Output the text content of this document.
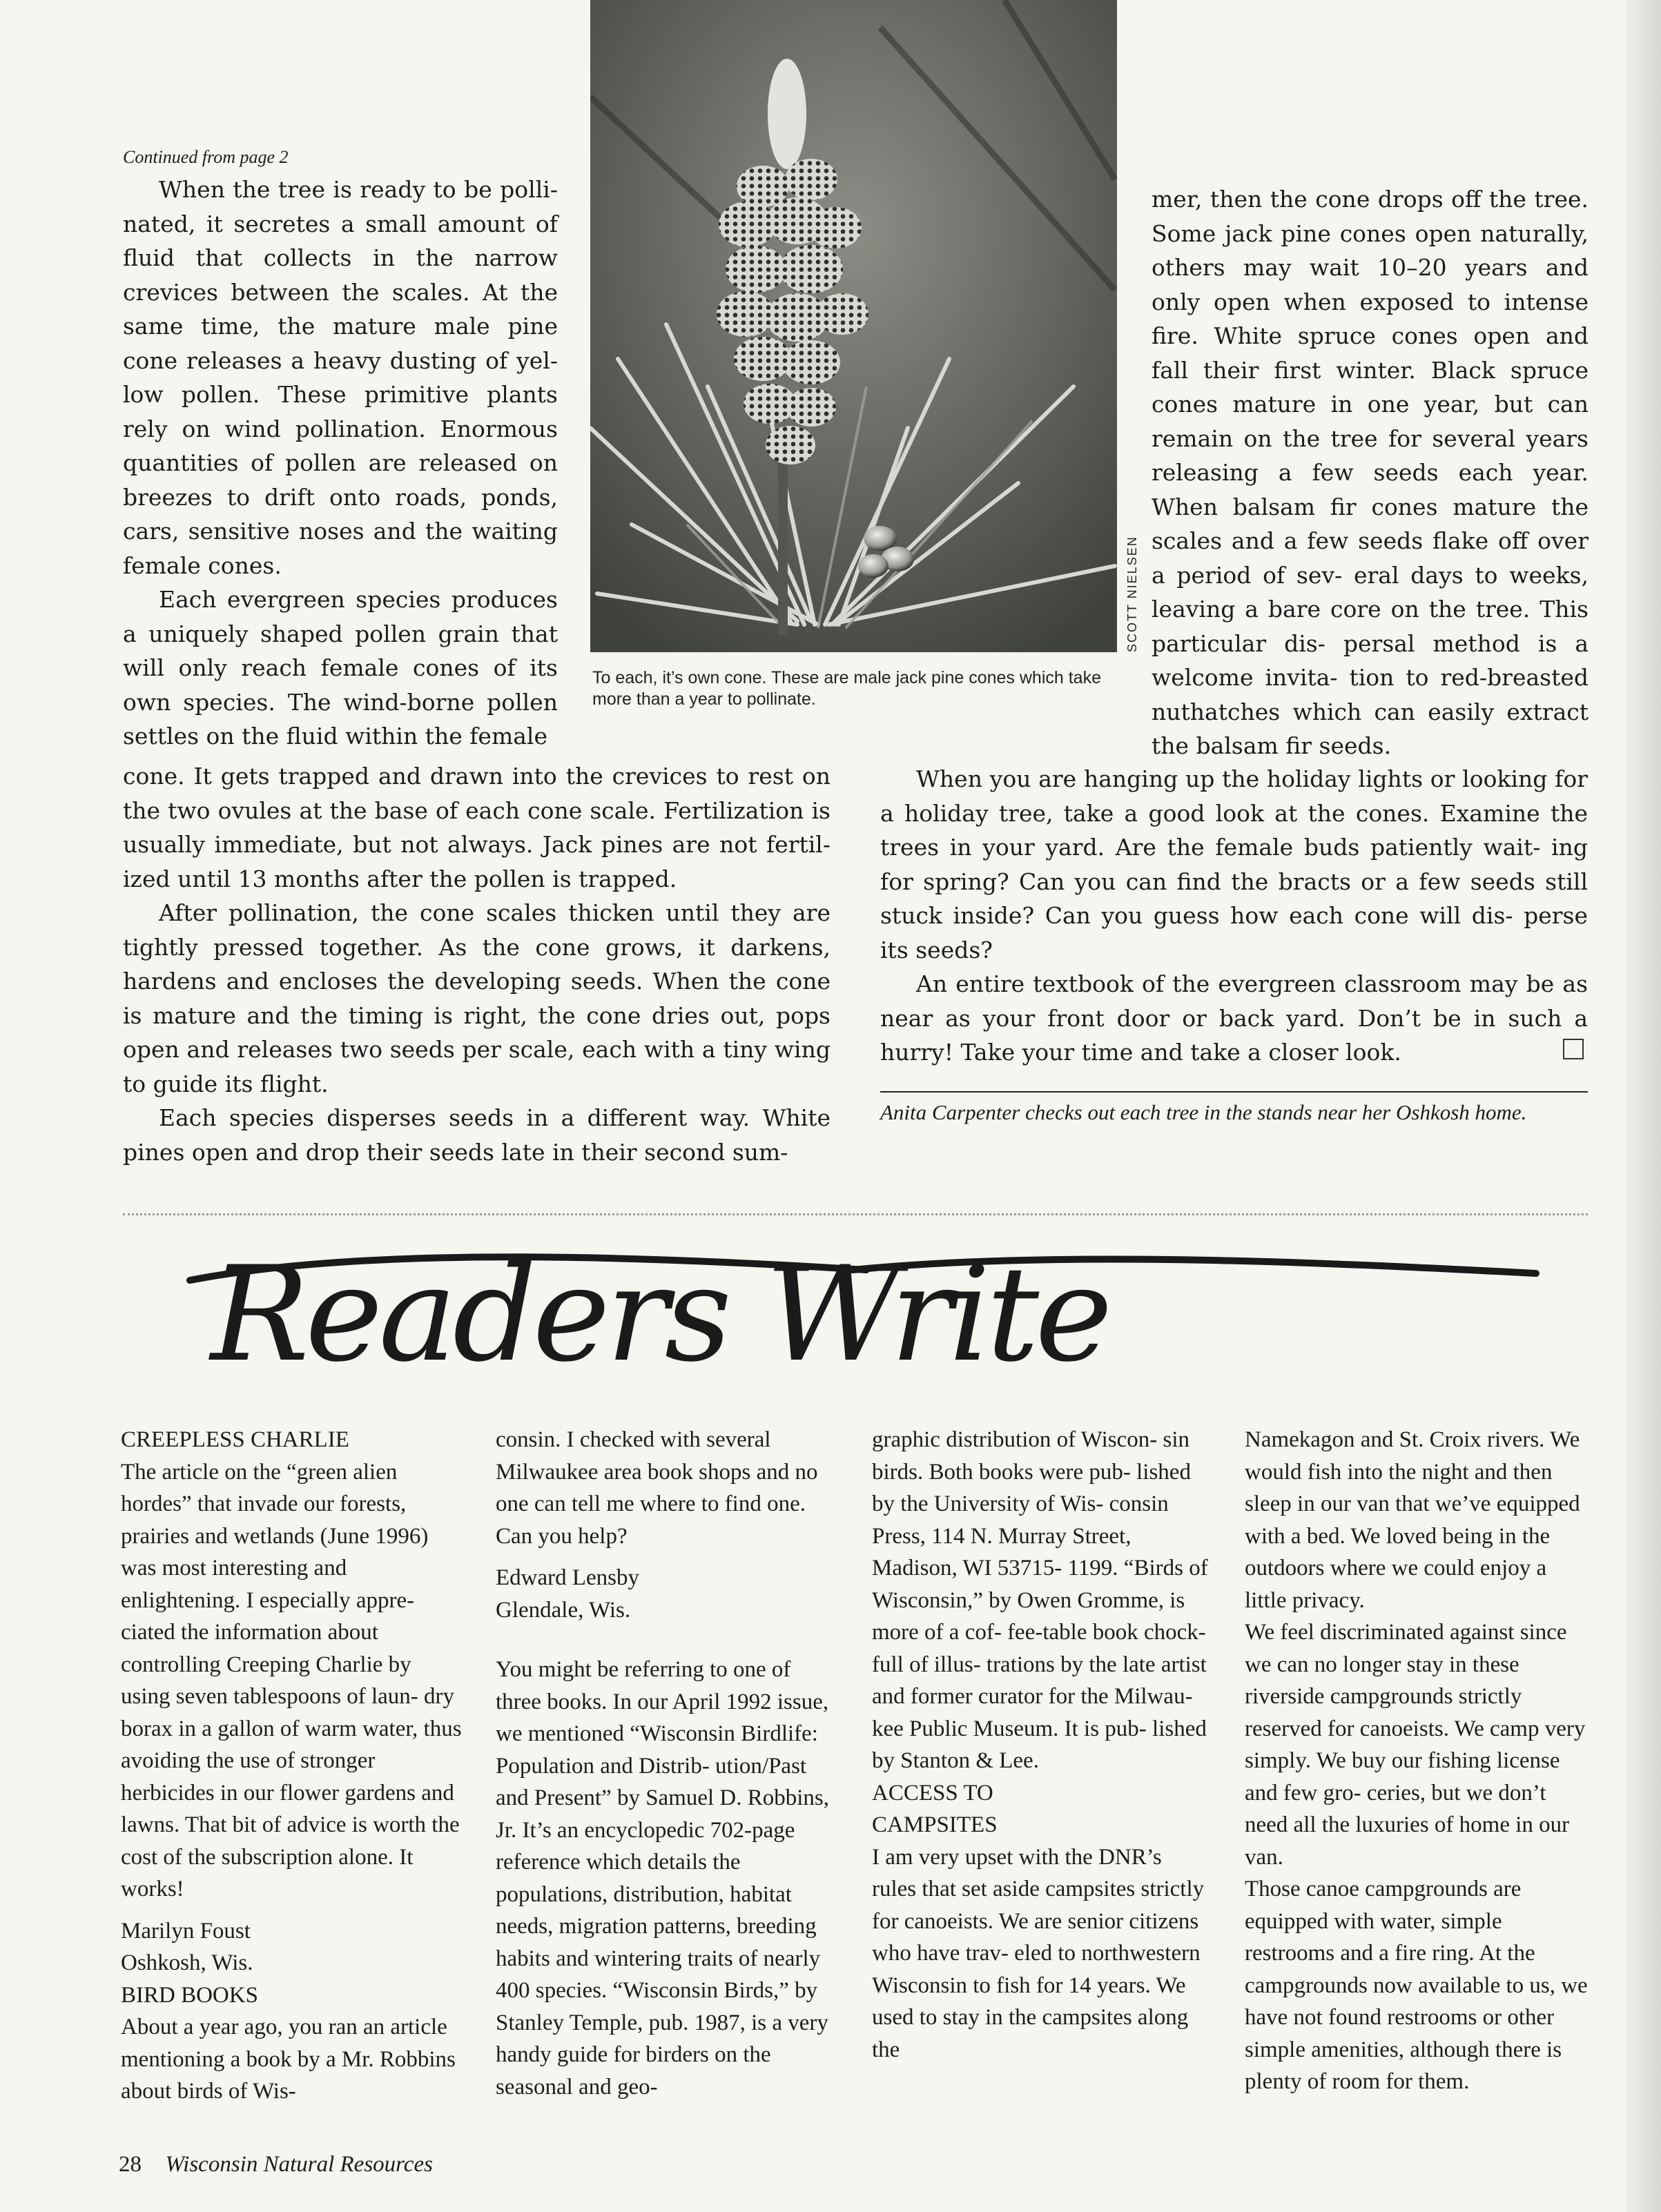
Continued from page 2

When the tree is ready to be polli- nated, it secretes a small amount of fluid that collects in the narrow crevices between the scales. At the same time, the mature male pine cone releases a heavy dusting of yel- low pollen. These primitive plants rely on wind pollination. Enormous quantities of pollen are released on breezes to drift onto roads, ponds, cars, sensitive noses and the waiting female cones.

Each evergreen species produces a uniquely shaped pollen grain that will only reach female cones of its own species. The wind-borne pollen settles on the fluid within the female

cone. It gets trapped and drawn into the crevices to rest on the two ovules at the base of each cone scale. Fertilization is usually immediate, but not always. Jack pines are not fertil- ized until 13 months after the pollen is trapped.

After pollination, the cone scales thicken until they are tightly pressed together. As the cone grows, it darkens, hardens and encloses the developing seeds. When the cone is mature and the timing is right, the cone dries out, pops open and releases two seeds per scale, each with a tiny wing to guide its flight.

Each species disperses seeds in a different way. White pines open and drop their seeds late in their second sum-

SCOTT NIELSEN
To each, it’s own cone. These are male jack pine cones which take more than a year to pollinate.

mer, then the cone drops off the tree. Some jack pine cones open naturally, others may wait 10–20 years and only open when exposed to intense fire. White spruce cones open and fall their first winter. Black spruce cones mature in one year, but can remain on the tree for several years releasing a few seeds each year. When balsam fir cones mature the scales and a few seeds flake off over a period of sev- eral days to weeks, leaving a bare core on the tree. This particular dis- persal method is a welcome invita- tion to red-breasted nuthatches which can easily extract the balsam fir seeds.

When you are hanging up the holiday lights or looking for a holiday tree, take a good look at the cones. Examine the trees in your yard. Are the female buds patiently wait- ing for spring? Can you can find the bracts or a few seeds still stuck inside? Can you guess how each cone will dis- perse its seeds?

An entire textbook of the evergreen classroom may be as near as your front door or back yard. Don’t be in such a hurry! Take your time and take a closer look.

Anita Carpenter checks out each tree in the stands near her Oshkosh home.
Readers Write
CREEPLESS CHARLIE
The article on the “green alien hordes” that invade our forests, prairies and wetlands (June 1996) was most interesting and enlightening. I especially appre- ciated the information about controlling Creeping Charlie by using seven tablespoons of laun- dry borax in a gallon of warm water, thus avoiding the use of stronger herbicides in our flower gardens and lawns. That bit of advice is worth the cost of the subscription alone. It works!
Marilyn Foust
Oshkosh, Wis.
BIRD BOOKS
About a year ago, you ran an article mentioning a book by a Mr. Robbins about birds of Wis-
consin. I checked with several Milwaukee area book shops and no one can tell me where to find one. Can you help?
Edward Lensby
Glendale, Wis.
You might be referring to one of three books. In our April 1992 issue, we mentioned “Wisconsin Birdlife: Population and Distrib- ution/Past and Present” by Samuel D. Robbins, Jr. It’s an encyclopedic 702-page reference which details the populations, distribution, habitat needs, migration patterns, breeding habits and wintering traits of nearly 400 species. “Wisconsin Birds,” by Stanley Temple, pub. 1987, is a very handy guide for birders on the seasonal and geo-
graphic distribution of Wiscon- sin birds. Both books were pub- lished by the University of Wis- consin Press, 114 N. Murray Street, Madison, WI 53715- 1199. “Birds of Wisconsin,” by Owen Gromme, is more of a cof- fee-table book chock-full of illus- trations by the late artist and former curator for the Milwau- kee Public Museum. It is pub- lished by Stanton & Lee.
ACCESS TO CAMPSITES
I am very upset with the DNR’s rules that set aside campsites strictly for canoeists. We are senior citizens who have trav- eled to northwestern Wisconsin to fish for 14 years. We used to stay in the campsites along the
Namekagon and St. Croix rivers. We would fish into the night and then sleep in our van that we’ve equipped with a bed. We loved being in the outdoors where we could enjoy a little privacy.
We feel discriminated against since we can no longer stay in these riverside campgrounds strictly reserved for canoeists. We camp very simply. We buy our fishing license and few gro- ceries, but we don’t need all the luxuries of home in our van.
Those canoe campgrounds are equipped with water, simple restrooms and a fire ring. At the campgrounds now available to us, we have not found restrooms or other simple amenities, although there is plenty of room for them.
28 Wisconsin Natural Resources
